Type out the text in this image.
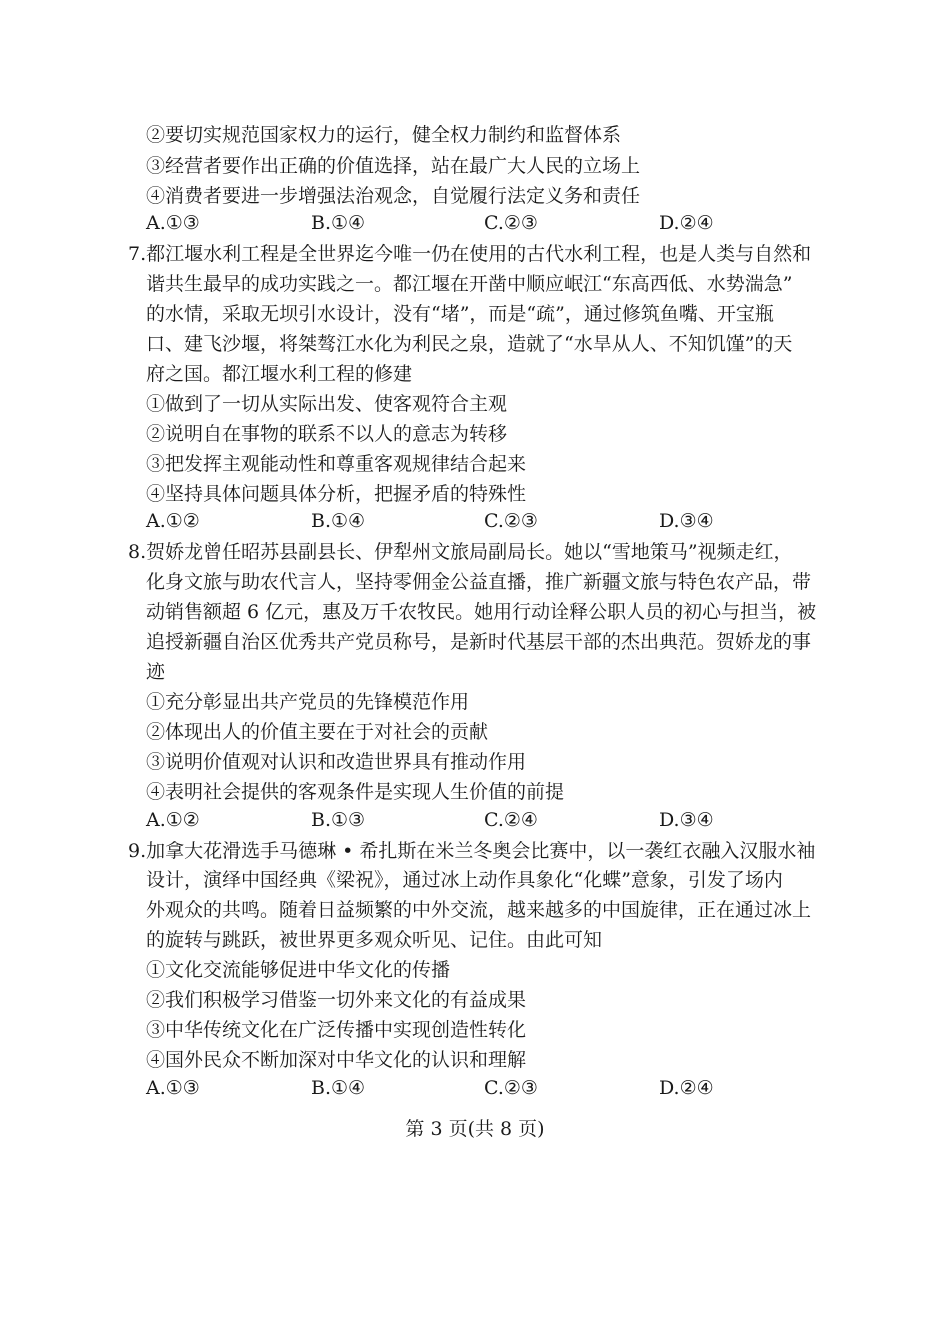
②要切实规范国家权力的运行，健全权力制约和监督体系
③经营者要作出正确的价值选择，站在最广大人民的立场上
④消费者要进一步增强法治观念，自觉履行法定义务和责任
A.①③	B.①④	C.②③	D.②④
7.都江堰水利工程是全世界迄今唯一仍在使用的古代水利工程，也是人类与自然和
谐共生最早的成功实践之一。都江堰在开凿中顺应岷江“东高西低、水势湍急”
的水情，采取无坝引水设计，没有“堵”，而是“疏”，通过修筑鱼嘴、开宝瓶
口、建飞沙堰，将桀骜江水化为利民之泉，造就了“水旱从人、不知饥馑”的天
府之国。都江堰水利工程的修建
①做到了一切从实际出发、使客观符合主观
②说明自在事物的联系不以人的意志为转移
③把发挥主观能动性和尊重客观规律结合起来
④坚持具体问题具体分析，把握矛盾的特殊性
A.①②	B.①④	C.②③	D.③④
8.贺娇龙曾任昭苏县副县长、伊犁州文旅局副局长。她以“雪地策马”视频走红，
化身文旅与助农代言人，坚持零佣金公益直播，推广新疆文旅与特色农产品，带
动销售额超 6 亿元，惠及万千农牧民。她用行动诠释公职人员的初心与担当，被
追授新疆自治区优秀共产党员称号，是新时代基层干部的杰出典范。贺娇龙的事
迹
①充分彰显出共产党员的先锋模范作用
②体现出人的价值主要在于对社会的贡献
③说明价值观对认识和改造世界具有推动作用
④表明社会提供的客观条件是实现人生价值的前提
A.①②	B.①③	C.②④	D.③④
9.加拿大花滑选手马德琳 • 希扎斯在米兰冬奥会比赛中，以一袭红衣融入汉服水袖
设计，演绎中国经典《梁祝》，通过冰上动作具象化“化蝶”意象，引发了场内
外观众的共鸣。随着日益频繁的中外交流，越来越多的中国旋律，正在通过冰上
的旋转与跳跃，被世界更多观众听见、记住。由此可知
①文化交流能够促进中华文化的传播
②我们积极学习借鉴一切外来文化的有益成果
③中华传统文化在广泛传播中实现创造性转化
④国外民众不断加深对中华文化的认识和理解
A.①③	B.①④	C.②③	D.②④
第 3 页(共 8 页)
